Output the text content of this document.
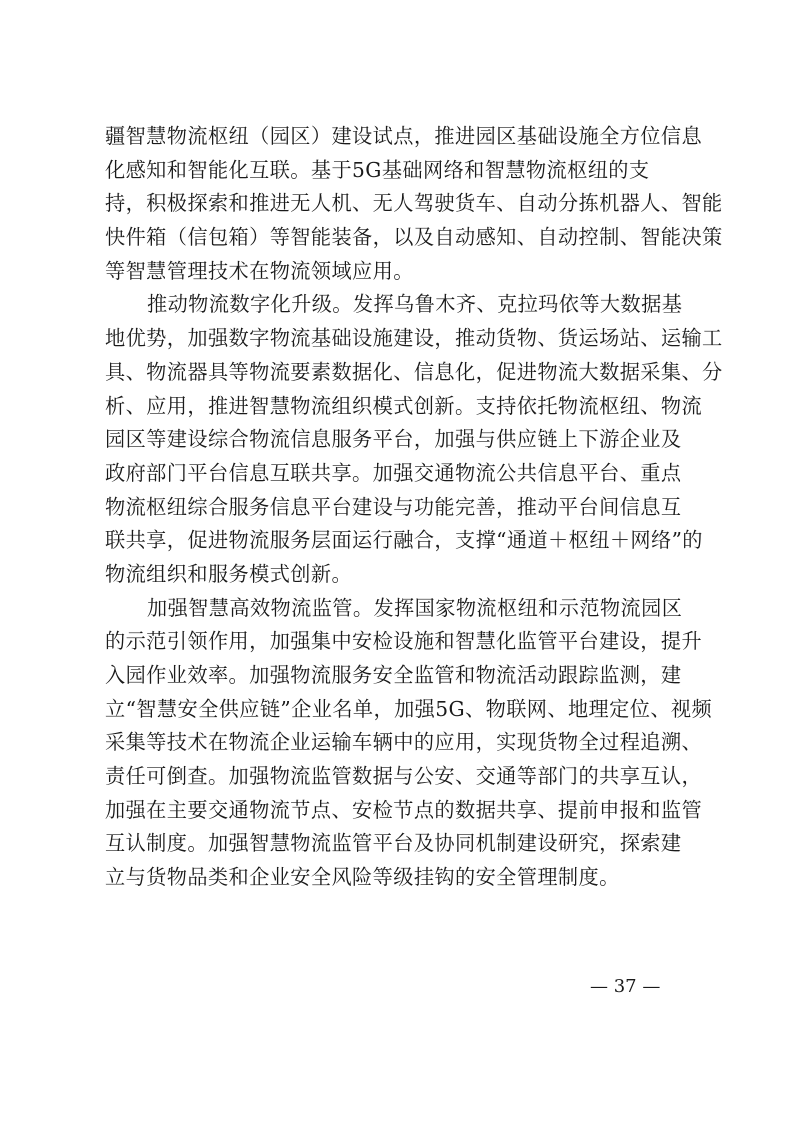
疆智慧物流枢纽（园区）建设试点，推进园区基础设施全方位信息
化感知和智能化互联。基于5G基础网络和智慧物流枢纽的支
持，积极探索和推进无人机、无人驾驶货车、自动分拣机器人、智能
快件箱（信包箱）等智能装备，以及自动感知、自动控制、智能决策
等智慧管理技术在物流领域应用。
推动物流数字化升级。发挥乌鲁木齐、克拉玛依等大数据基
地优势，加强数字物流基础设施建设，推动货物、货运场站、运输工
具、物流器具等物流要素数据化、信息化，促进物流大数据采集、分
析、应用，推进智慧物流组织模式创新。支持依托物流枢纽、物流
园区等建设综合物流信息服务平台，加强与供应链上下游企业及
政府部门平台信息互联共享。加强交通物流公共信息平台、重点
物流枢纽综合服务信息平台建设与功能完善，推动平台间信息互
联共享，促进物流服务层面运行融合，支撑“通道＋枢纽＋网络”的
物流组织和服务模式创新。
加强智慧高效物流监管。发挥国家物流枢纽和示范物流园区
的示范引领作用，加强集中安检设施和智慧化监管平台建设，提升
入园作业效率。加强物流服务安全监管和物流活动跟踪监测，建
立“智慧安全供应链”企业名单，加强5G、物联网、地理定位、视频
采集等技术在物流企业运输车辆中的应用，实现货物全过程追溯、
责任可倒查。加强物流监管数据与公安、交通等部门的共享互认，
加强在主要交通物流节点、安检节点的数据共享、提前申报和监管
互认制度。加强智慧物流监管平台及协同机制建设研究，探索建
立与货物品类和企业安全风险等级挂钩的安全管理制度。
— 37 —
